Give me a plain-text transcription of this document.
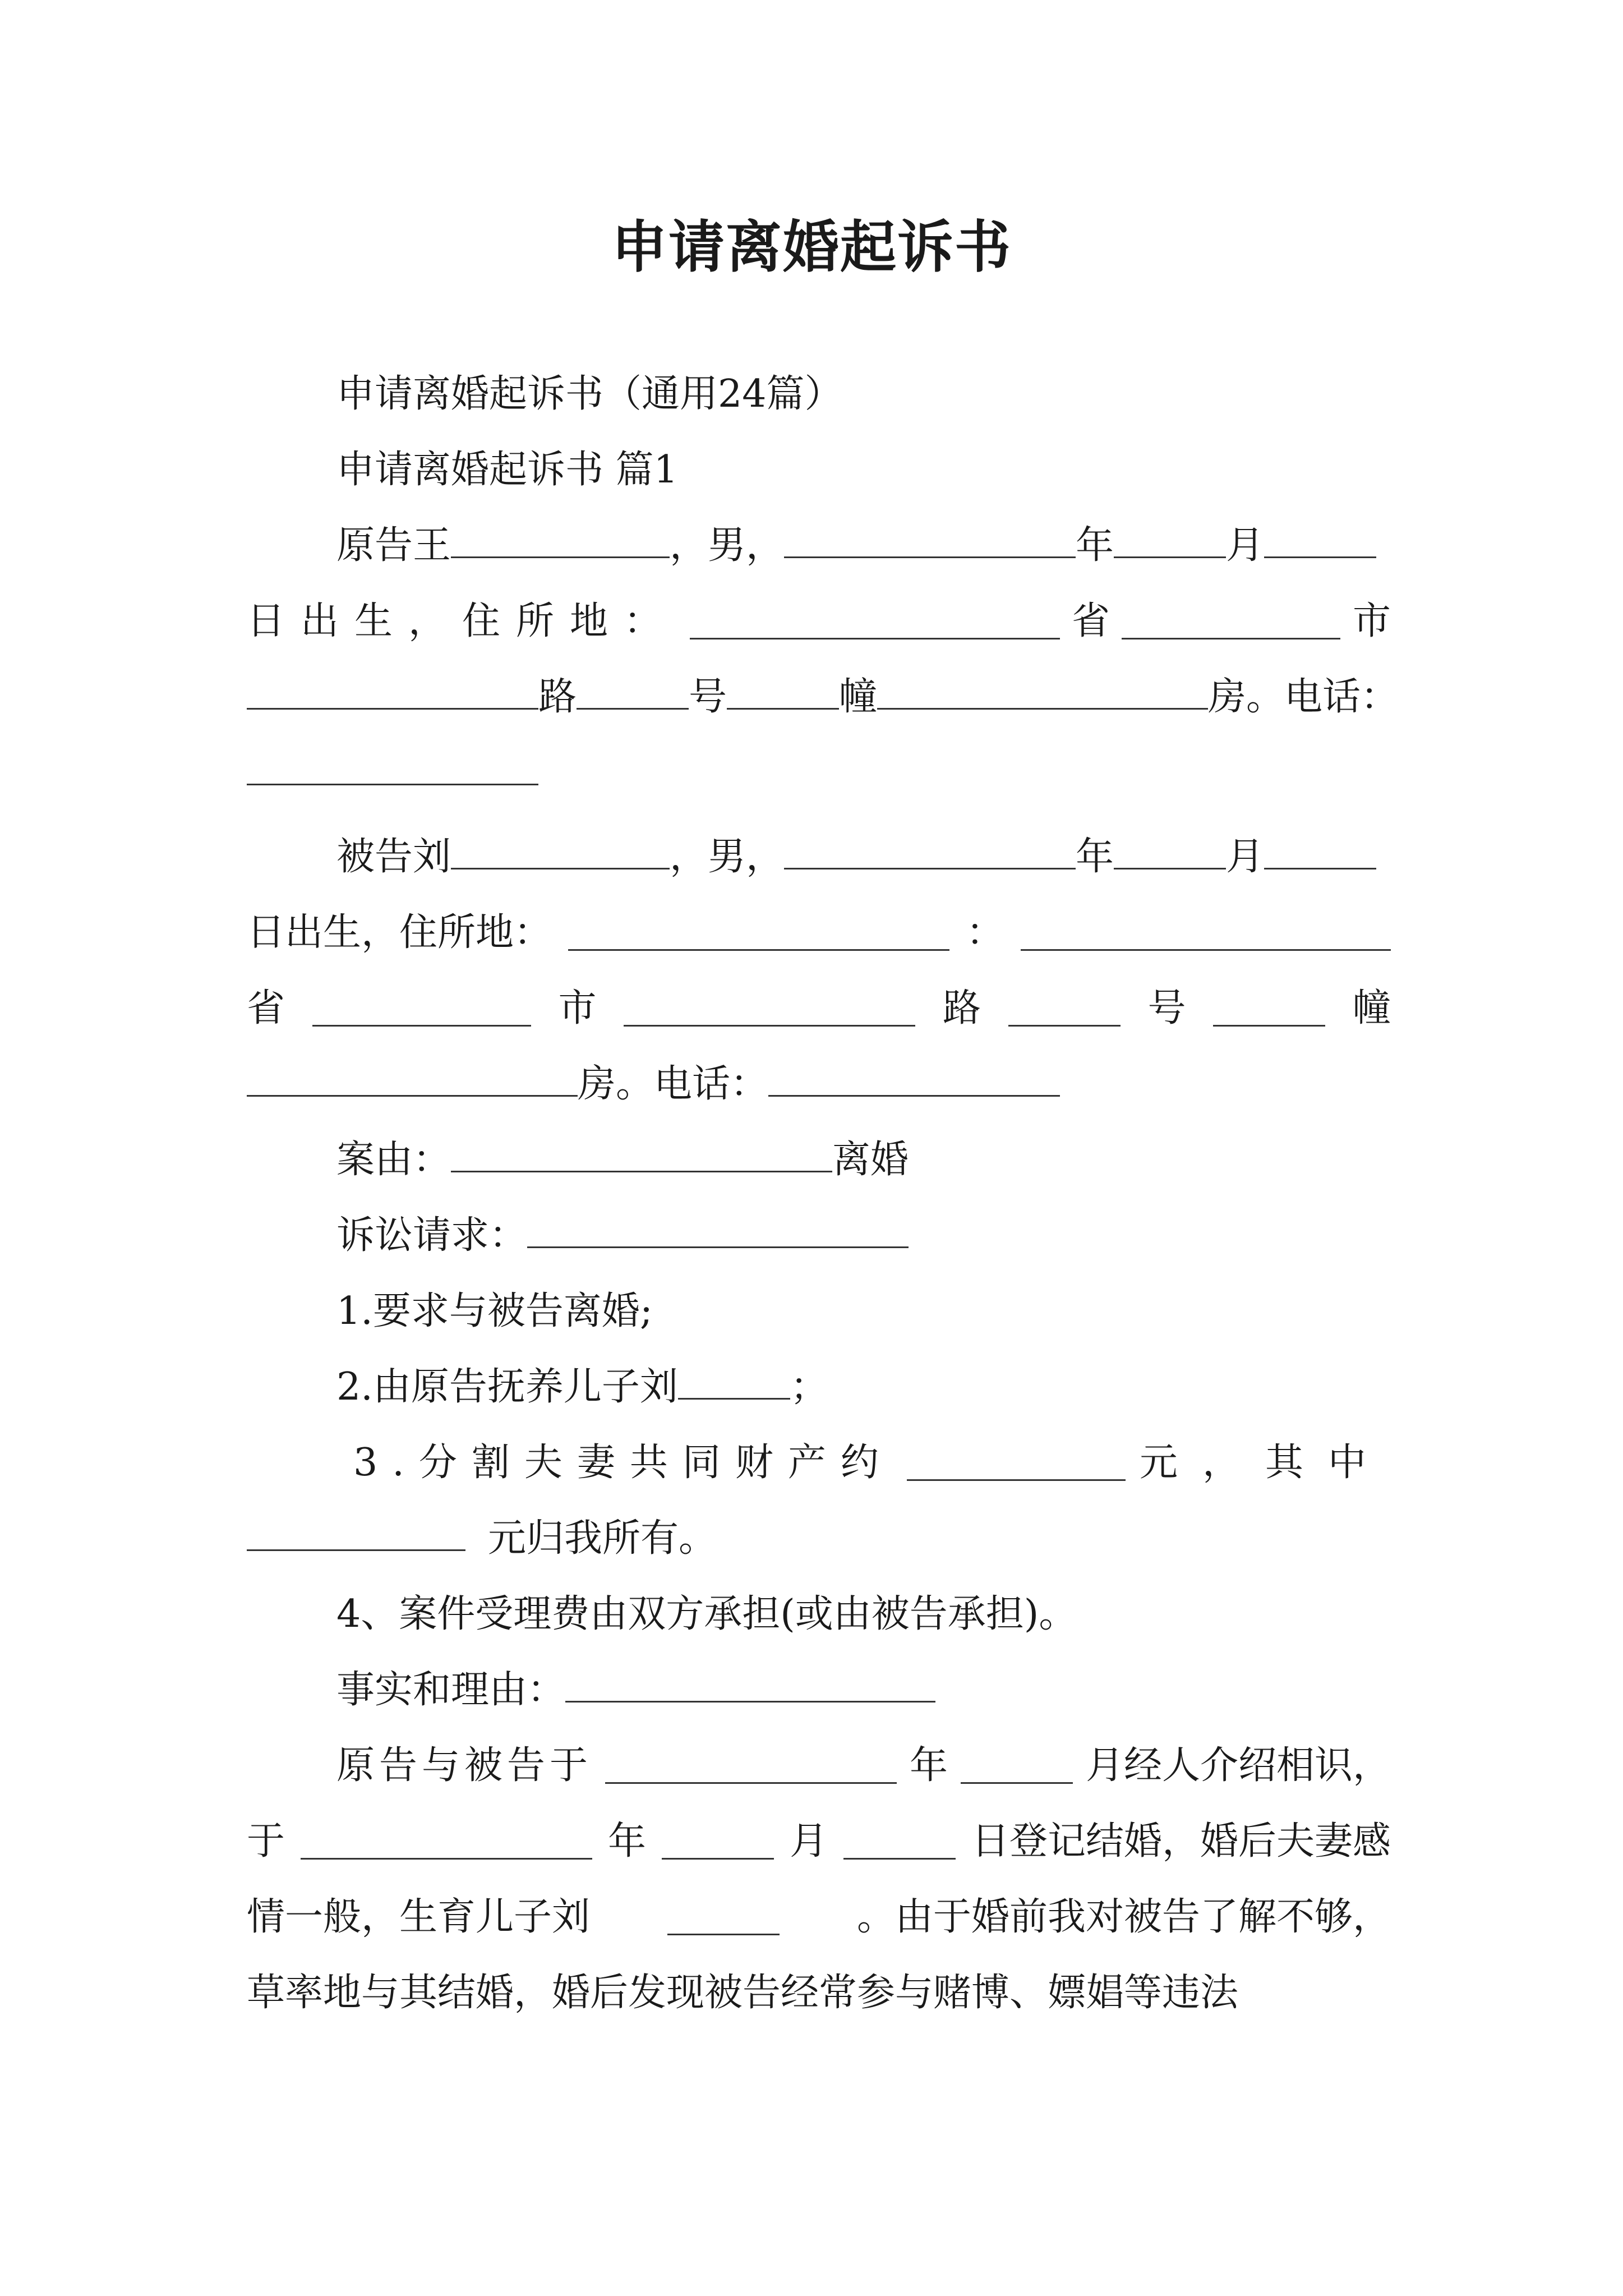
申请离婚起诉书
申请离婚起诉书（通用24篇）
申请离婚起诉书 篇1
原告王	，男，	年	月
日出生，住所地：	省	市
路	号	幢	房。电话：
被告刘	，男，	年	月
日出生，住所地：	：
省	市	路	号	幢
房。电话：
案由：	离婚
诉讼请求：
1.要求与被告离婚;
2.由原告抚养儿子刘	；
3.分割夫妻共同财产约	元，其中
元归我所有。
4、案件受理费由双方承担(或由被告承担)。
事实和理由：
原告与被告于	年	月经人介绍相识，
于	年	月	日登记结婚，婚后夫妻感
情一般，生育儿子刘	。由于婚前我对被告了解不够，
草率地与其结婚，婚后发现被告经常参与赌博、嫖娼等违法
